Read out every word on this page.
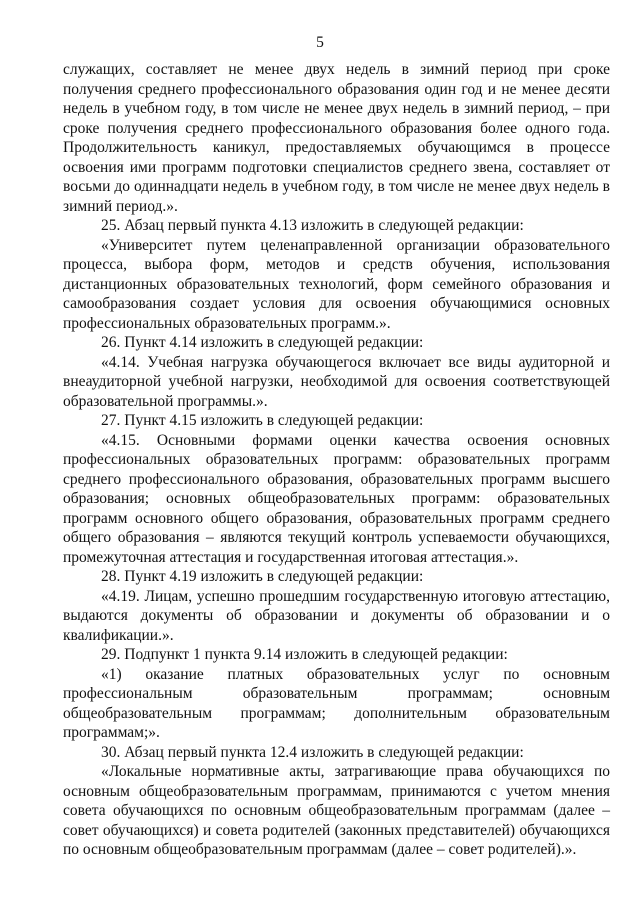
5

служащих, составляет не менее двух недель в зимний период при сроке получения среднего профессионального образования один год и не менее десяти недель в учебном году, в том числе не менее двух недель в зимний период, – при сроке получения среднего профессионального образования более одного года. Продолжительность каникул, предоставляемых обучающимся в процессе освоения ими программ подготовки специалистов среднего звена, составляет от восьми до одиннадцати недель в учебном году, в том числе не менее двух недель в зимний период.».

25. Абзац первый пункта 4.13 изложить в следующей редакции:

«Университет путем целенаправленной организации образовательного процесса, выбора форм, методов и средств обучения, использования дистанционных образовательных технологий, форм семейного образования и самообразования создает условия для освоения обучающимися основных профессиональных образовательных программ.».

26. Пункт 4.14 изложить в следующей редакции:

«4.14. Учебная нагрузка обучающегося включает все виды аудиторной и внеаудиторной учебной нагрузки, необходимой для освоения соответствующей образовательной программы.».

27. Пункт 4.15 изложить в следующей редакции:

«4.15. Основными формами оценки качества освоения основных профессиональных образовательных программ: образовательных программ среднего профессионального образования, образовательных программ высшего образования; основных общеобразовательных программ: образовательных программ основного общего образования, образовательных программ среднего общего образования – являются текущий контроль успеваемости обучающихся, промежуточная аттестация и государственная итоговая аттестация.».

28. Пункт 4.19 изложить в следующей редакции:

«4.19. Лицам, успешно прошедшим государственную итоговую аттестацию, выдаются документы об образовании и документы об образовании и о квалификации.».

29. Подпункт 1 пункта 9.14 изложить в следующей редакции:

«1) оказание платных образовательных услуг по основным профессиональным образовательным программам; основным общеобразовательным программам; дополнительным образовательным программам;».

30. Абзац первый пункта 12.4 изложить в следующей редакции:

«Локальные нормативные акты, затрагивающие права обучающихся по основным общеобразовательным программам, принимаются с учетом мнения совета обучающихся по основным общеобразовательным программам (далее – совет обучающихся) и совета родителей (законных представителей) обучающихся по основным общеобразовательным программам (далее – совет родителей).».
